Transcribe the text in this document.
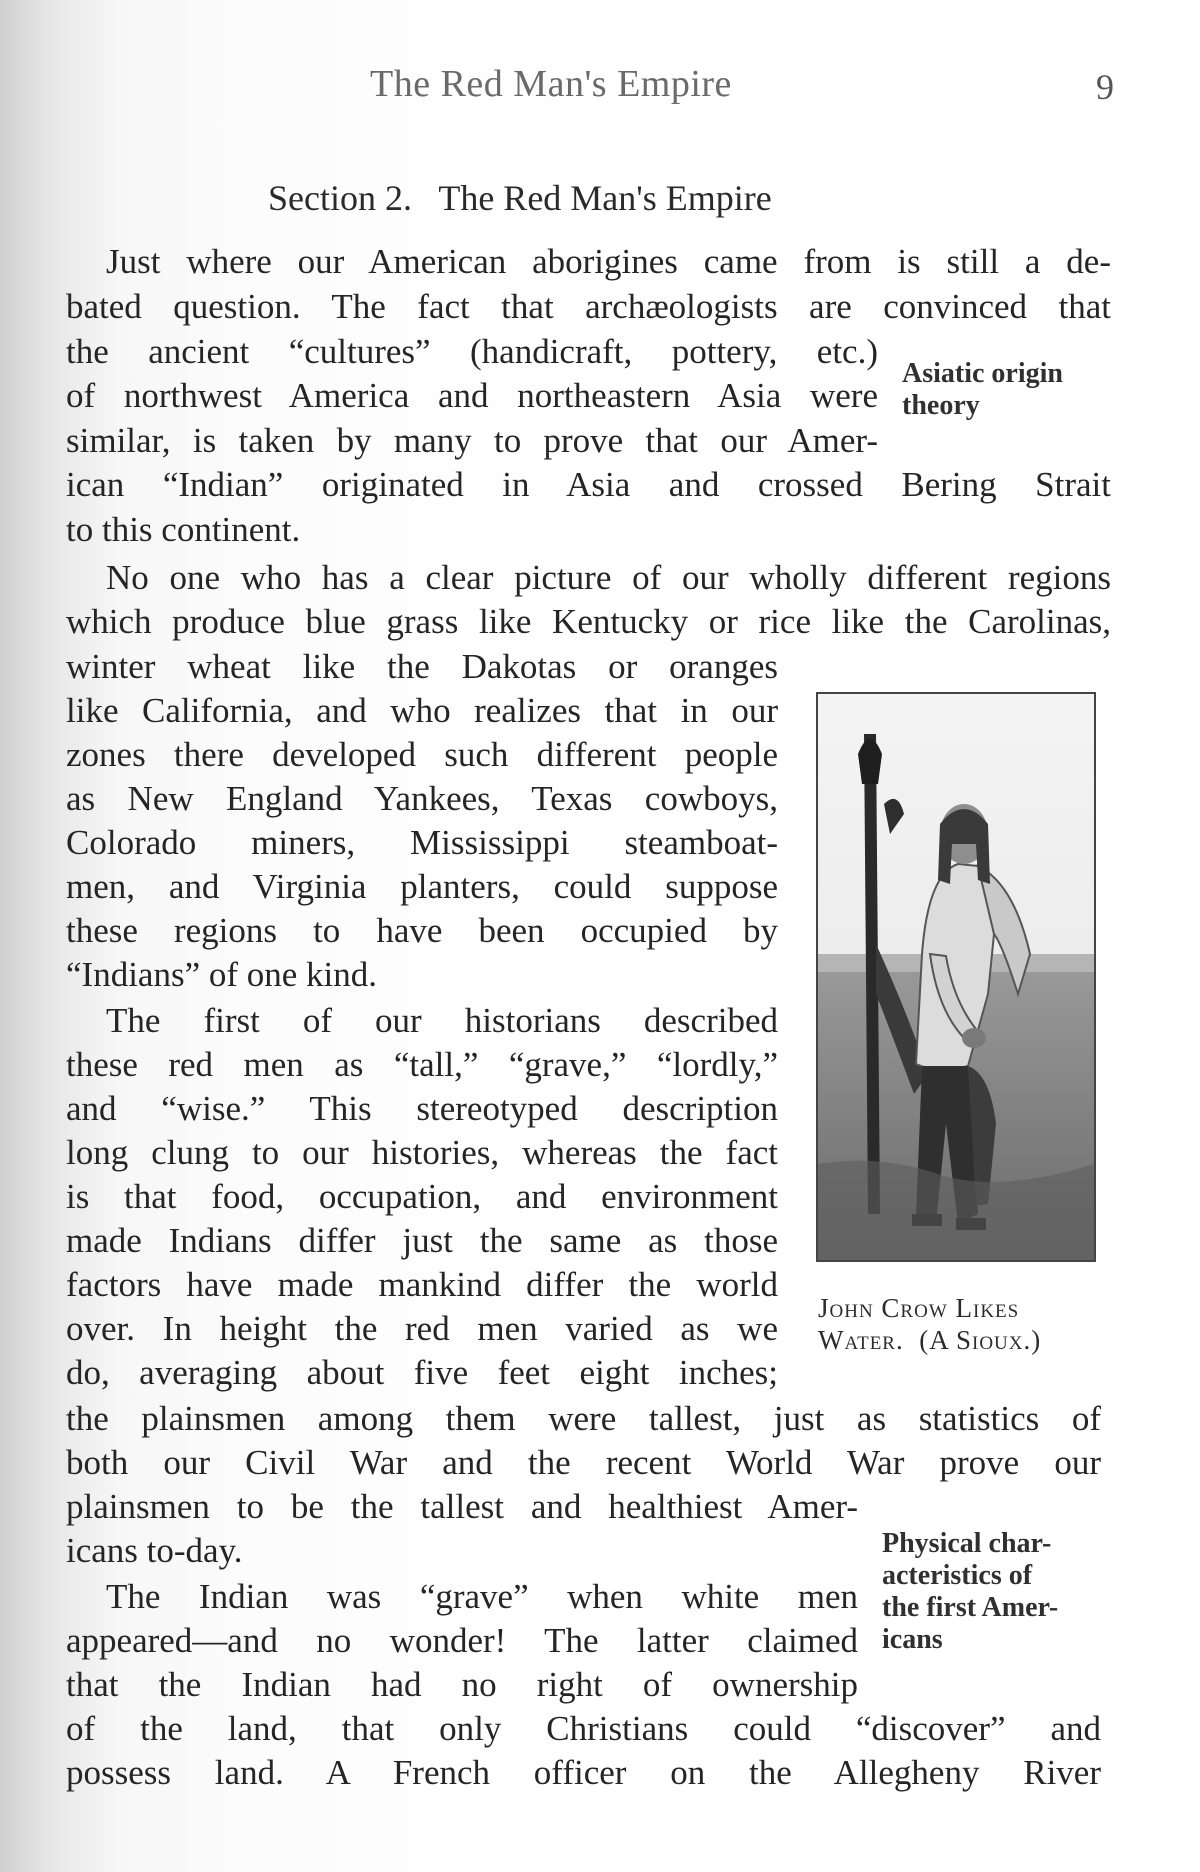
The Red Man's Empire	9
Section 2.   The Red Man's Empire
Just where our American aborigines came from is still a de-
bated question. The fact that archæologists are convinced that
the ancient “cultures” (handicraft, pottery, etc.)
of northwest America and northeastern Asia were
similar, is taken by many to prove that our Amer-
ican “Indian” originated in Asia and crossed Bering Strait
to this continent.
Asiatic origin
theory
No one who has a clear picture of our wholly different regions
which produce blue grass like Kentucky or rice like the Carolinas,
winter wheat like the Dakotas or oranges
like California, and who realizes that in our
zones there developed such different people
as New England Yankees, Texas cowboys,
Colorado miners, Mississippi steamboat-
men, and Virginia planters, could suppose
these regions to have been occupied by
“Indians” of one kind.
The first of our historians described
these red men as “tall,” “grave,” “lordly,”
and “wise.” This stereotyped description
long clung to our histories, whereas the fact
is that food, occupation, and environment
made Indians differ just the same as those
factors have made mankind differ the world
over. In height the red men varied as we
do, averaging about five feet eight inches;
the plainsmen among them were tallest, just as statistics of
both our Civil War and the recent World War prove our
plainsmen to be the tallest and healthiest Amer-
icans to-day.
The Indian was “grave” when white men
appeared—and no wonder! The latter claimed
that the Indian had no right of ownership
of the land, that only Christians could “discover” and
possess land. A French officer on the Allegheny River
Physical char-
acteristics of
the first Amer-
icans
John Crow Likes
Water.  (A Sioux.)
